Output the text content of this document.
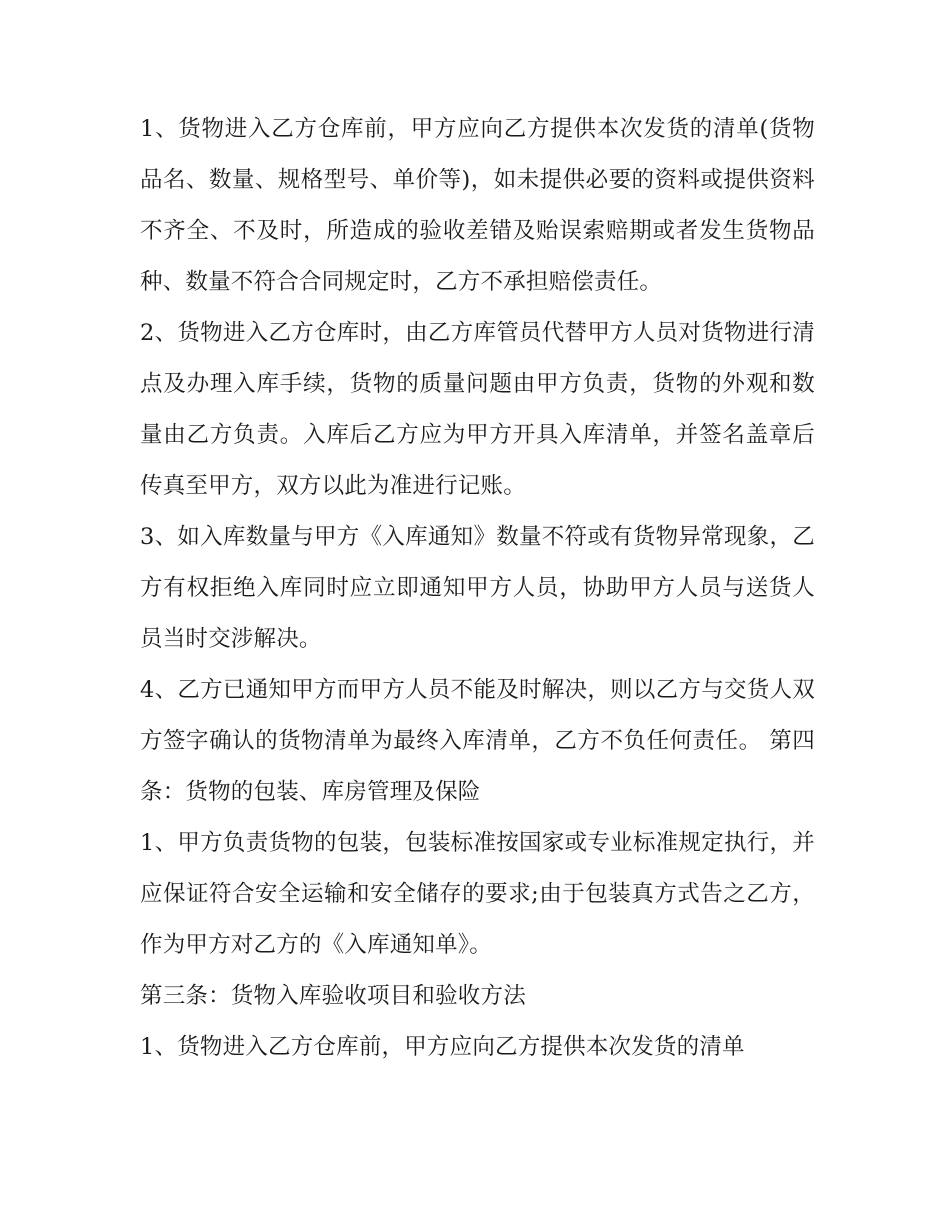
1、货物进入乙方仓库前，甲方应向乙方提供本次发货的清单(货物品名、数量、规格型号、单价等)，如未提供必要的资料或提供资料不齐全、不及时，所造成的验收差错及贻误索赔期或者发生货物品种、数量不符合合同规定时，乙方不承担赔偿责任。

2、货物进入乙方仓库时，由乙方库管员代替甲方人员对货物进行清点及办理入库手续，货物的质量问题由甲方负责，货物的外观和数量由乙方负责。入库后乙方应为甲方开具入库清单，并签名盖章后传真至甲方，双方以此为准进行记账。

3、如入库数量与甲方《入库通知》数量不符或有货物异常现象，乙方有权拒绝入库同时应立即通知甲方人员，协助甲方人员与送货人员当时交涉解决。

4、乙方已通知甲方而甲方人员不能及时解决，则以乙方与交货人双方签字确认的货物清单为最终入库清单，乙方不负任何责任。 第四条：货物的包装、库房管理及保险

1、甲方负责货物的包装，包装标准按国家或专业标准规定执行，并应保证符合安全运输和安全储存的要求;由于包装真方式告之乙方，作为甲方对乙方的《入库通知单》。

第三条：货物入库验收项目和验收方法

1、货物进入乙方仓库前，甲方应向乙方提供本次发货的清单
